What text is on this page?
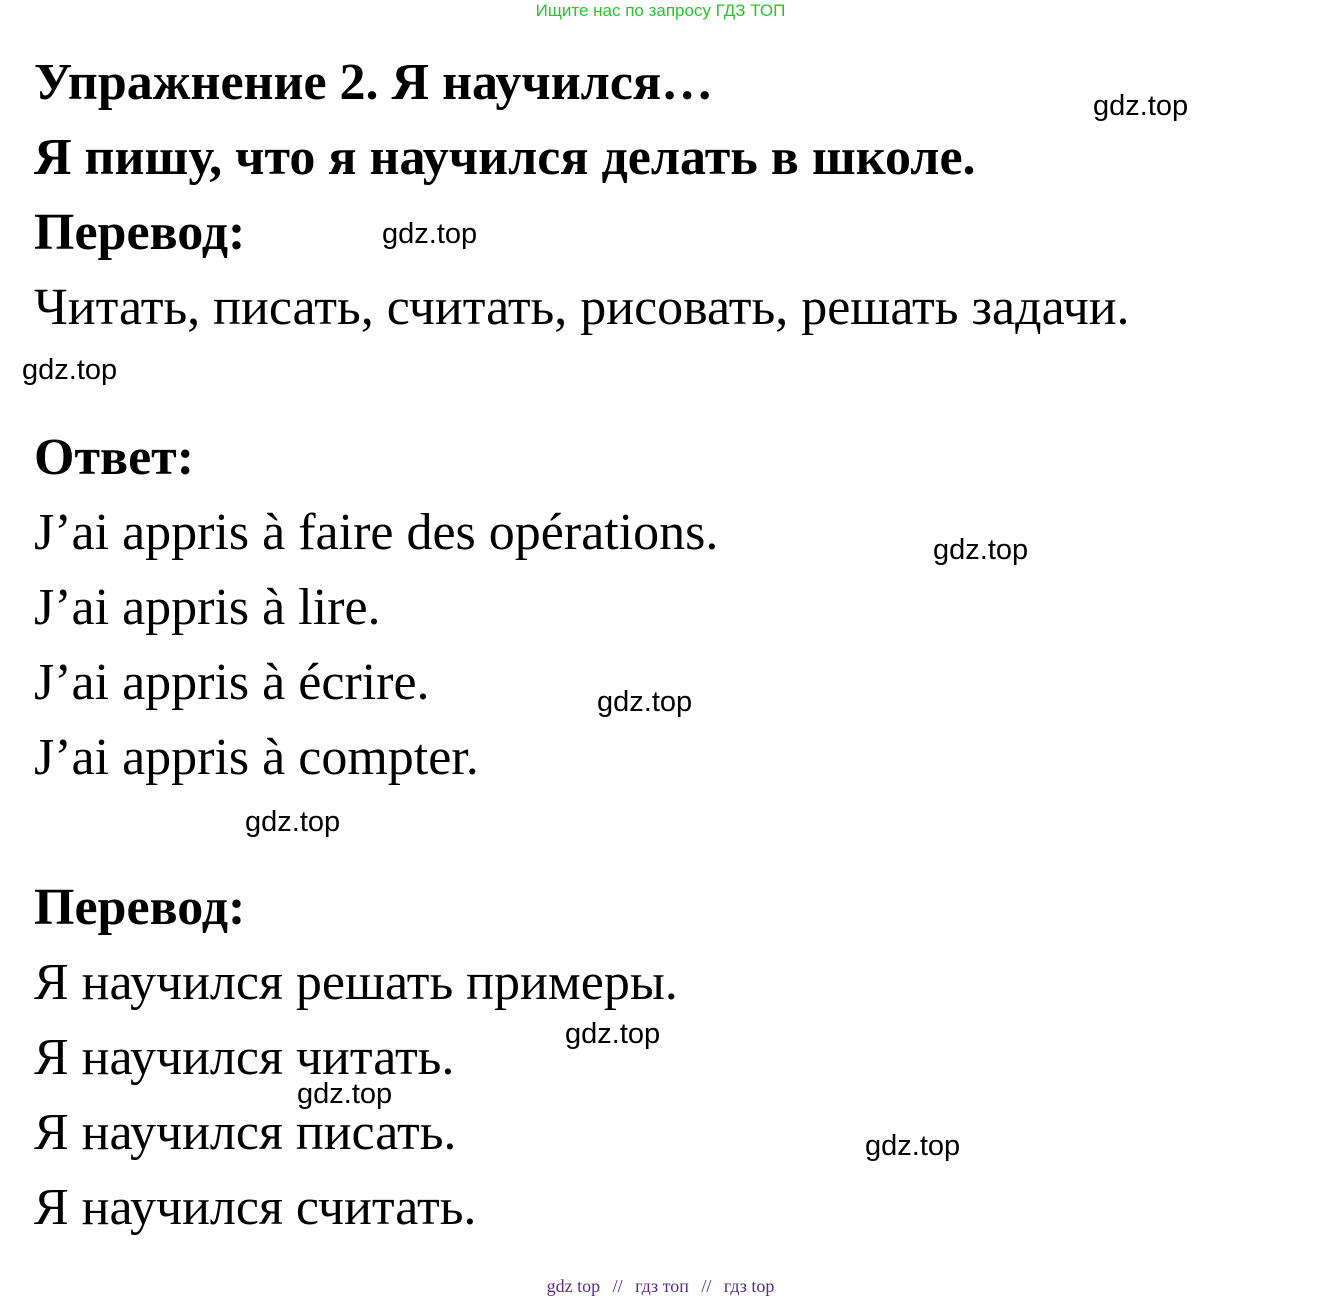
Ищите нас по запросу ГДЗ ТОП
Упражнение 2. Я научился…
Я пишу, что я научился делать в школе.
Перевод:
Читать, писать, считать, рисовать, решать задачи.
Ответ:
J’ai appris à faire des opérations.
J’ai appris à lire.
J’ai appris à écrire.
J’ai appris à compter.
Перевод:
Я научился решать примеры.
Я научился читать.
Я научился писать.
Я научился считать.
gdz.top
gdz.top
gdz.top
gdz.top
gdz.top
gdz.top
gdz.top
gdz.top
gdz.top
gdz top // гдз топ // гдз top
